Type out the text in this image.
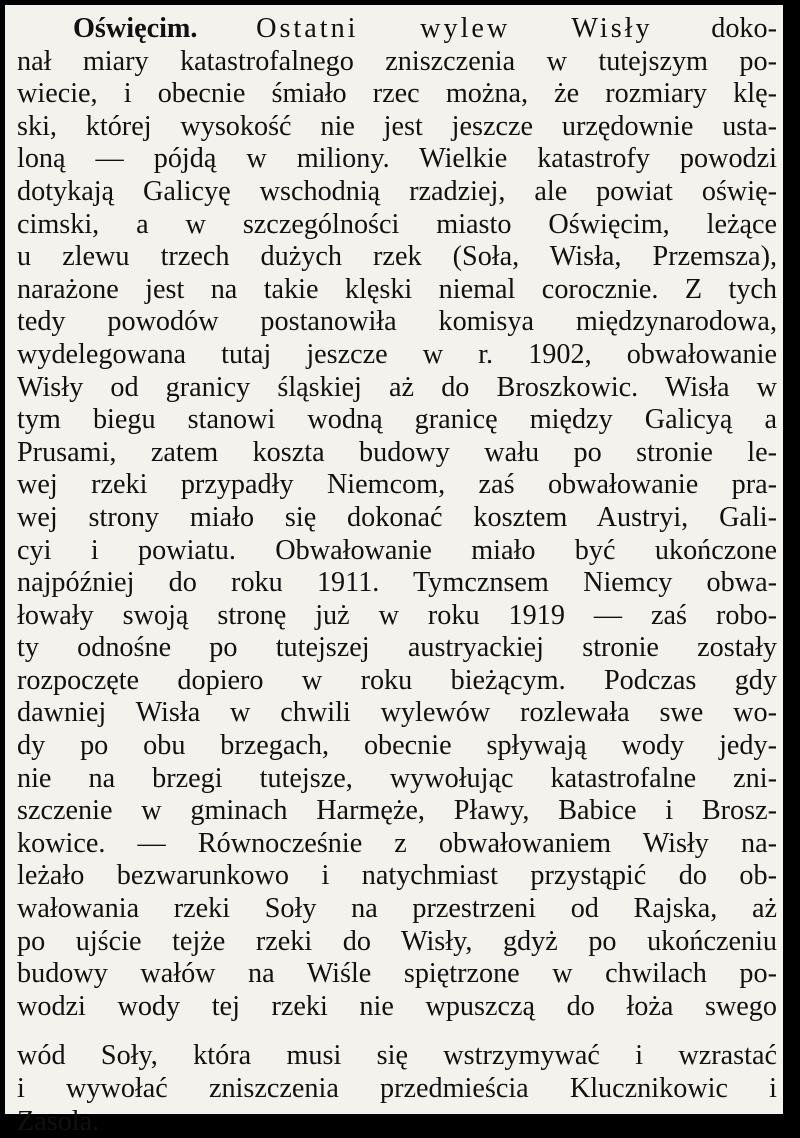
Oświęcim. Ostatni wylew Wisły doko-
nał miary katastrofalnego zniszczenia w tutejszym po-
wiecie, i obecnie śmiało rzec można, że rozmiary klę-
ski, której wysokość nie jest jeszcze urzędownie usta-
loną — pójdą w miliony. Wielkie katastrofy powodzi
dotykają Galicyę wschodnią rzadziej, ale powiat oświę-
cimski, a w szczególności miasto Oświęcim, leżące
u zlewu trzech dużych rzek (Soła, Wisła, Przemsza),
narażone jest na takie klęski niemal corocznie. Z tych
tedy powodów postanowiła komisya międzynarodowa,
wydelegowana tutaj jeszcze w r. 1902, obwałowanie
Wisły od granicy śląskiej aż do Broszkowic. Wisła w
tym biegu stanowi wodną granicę między Galicyą a
Prusami, zatem koszta budowy wału po stronie le-
wej rzeki przypadły Niemcom, zaś obwałowanie pra-
wej strony miało się dokonać kosztem Austryi, Gali-
cyi i powiatu. Obwałowanie miało być ukończone
najpóźniej do roku 1911. Tymcznsem Niemcy obwa-
łowały swoją stronę już w roku 1919 — zaś robo-
ty odnośne po tutejszej austryackiej stronie zostały
rozpoczęte dopiero w roku bieżącym. Podczas gdy
dawniej Wisła w chwili wylewów rozlewała swe wo-
dy po obu brzegach, obecnie spływają wody jedy-
nie na brzegi tutejsze, wywołując katastrofalne zni-
szczenie w gminach Harmęże, Pławy, Babice i Brosz-
kowice. — Równocześnie z obwałowaniem Wisły na-
leżało bezwarunkowo i natychmiast przystąpić do ob-
wałowania rzeki Soły na przestrzeni od Rajska, aż
po ujście tejże rzeki do Wisły, gdyż po ukończeniu
budowy wałów na Wiśle spiętrzone w chwilach po-
wodzi wody tej rzeki nie wpuszczą do łoża swego
wód Soły, która musi się wstrzymywać i wzrastać
i wywołać zniszczenia przedmieścia Klucznikowic i
Zasola.
